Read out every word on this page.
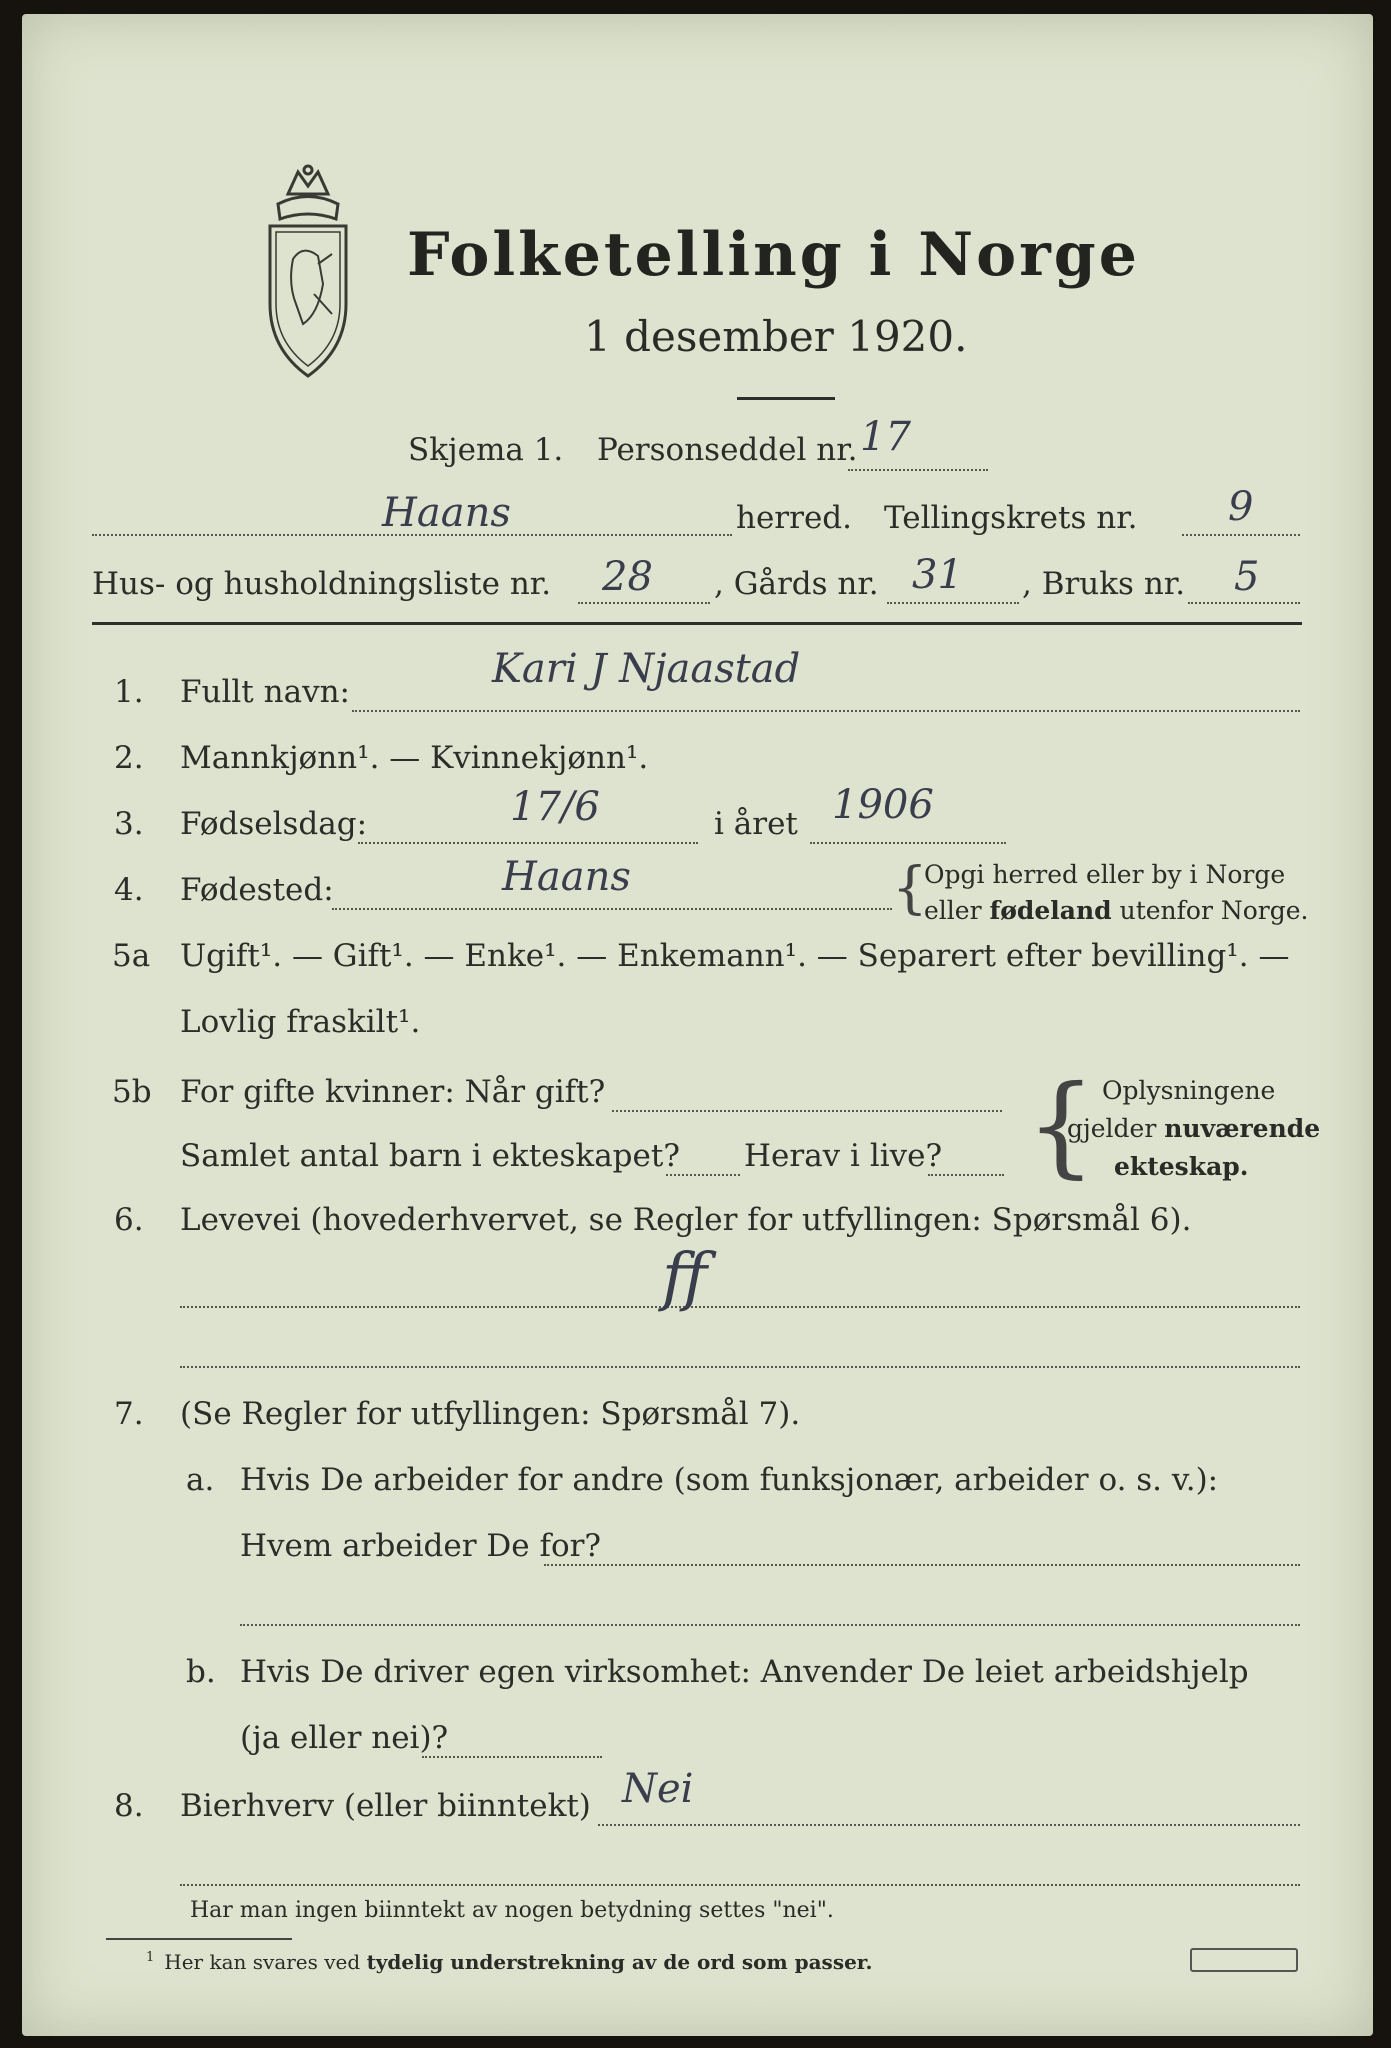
Folketelling i Norge
1 desember 1920.
Skjema 1. Personseddel nr. 17
Haans	herred. Tellingskrets nr. 9
Hus- og husholdningsliste nr. 28 , Gårds nr. 31 , Bruks nr. 5
1. Fullt navn:	Kari J Njaastad
2. Mannkjønn¹. — Kvinnekjønn¹.
3. Fødselsdag:	17/6	i året 1906
4. Fødested:	Haans	{
Opgi herred eller by i Norge
eller fødeland utenfor Norge.
5a Ugift¹. — Gift¹. — Enke¹. — Enkemann¹. — Separert efter bevilling¹. —
Lovlig fraskilt¹.
5b For gifte kvinner: Når gift?
Samlet antal barn i ekteskapet? Herav i live? { Oplysningene
gjelder nuværende
ekteskap.
6. Levevei (hovederhvervet, se Regler for utfyllingen: Spørsmål 6).
ff
7. (Se Regler for utfyllingen: Spørsmål 7).
a. Hvis De arbeider for andre (som funksjonær, arbeider o. s. v.):
Hvem arbeider De for?
b. Hvis De driver egen virksomhet: Anvender De leiet arbeidshjelp
(ja eller nei)?
8. Bierhverv (eller biinntekt) Nei
Har man ingen biinntekt av nogen betydning settes "nei".
$^1$ Her kan svares ved tydelig understrekning av de ord som passer.
